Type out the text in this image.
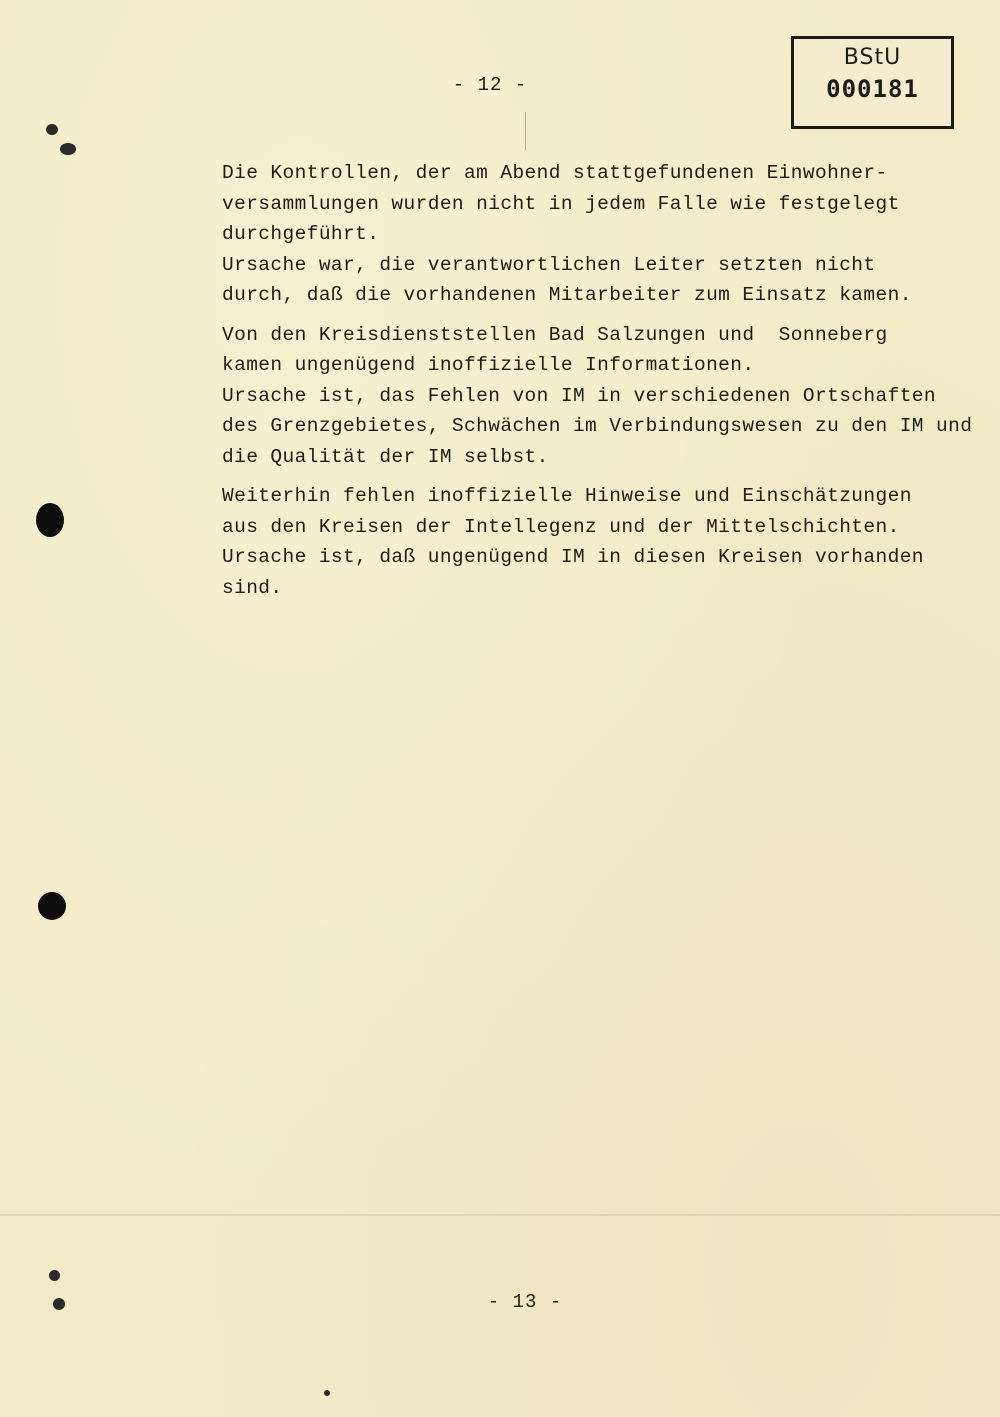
- 12 -
BStU
000181
Die Kontrollen, der am Abend stattgefundenen Einwohner-
versammlungen wurden nicht in jedem Falle wie festgelegt
durchgeführt.
Ursache war, die verantwortlichen Leiter setzten nicht
durch, daß die vorhandenen Mitarbeiter zum Einsatz kamen.
Von den Kreisdienststellen Bad Salzungen und  Sonneberg
kamen ungenügend inoffizielle Informationen.
Ursache ist, das Fehlen von IM in verschiedenen Ortschaften
des Grenzgebietes, Schwächen im Verbindungswesen zu den IM und
die Qualität der IM selbst.
Weiterhin fehlen inoffizielle Hinweise und Einschätzungen
aus den Kreisen der Intellegenz und der Mittelschichten.
Ursache ist, daß ungenügend IM in diesen Kreisen vorhanden
sind.
- 13 -
